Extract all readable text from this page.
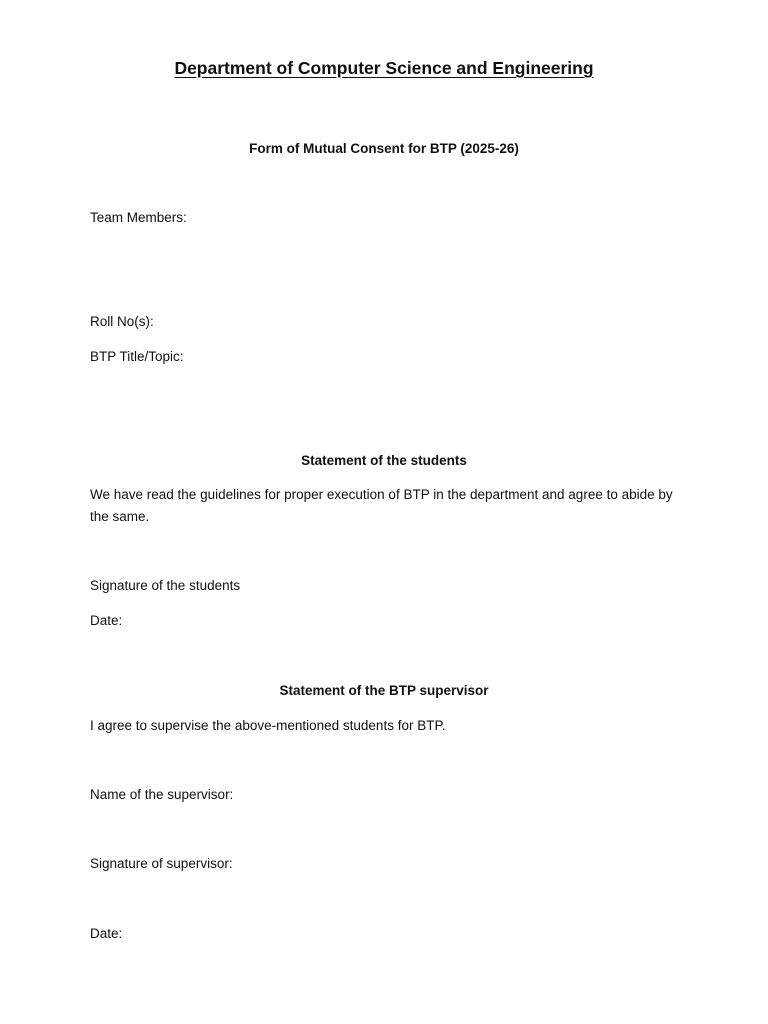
Department of Computer Science and Engineering
Form of Mutual Consent for BTP (2025-26)
Team Members:
Roll No(s):
BTP Title/Topic:
Statement of the students
We have read the guidelines for proper execution of BTP in the department and agree to abide by the same.
Signature of the students
Date:
Statement of the BTP supervisor
I agree to supervise the above-mentioned students for BTP.
Name of the supervisor:
Signature of supervisor:
Date:
